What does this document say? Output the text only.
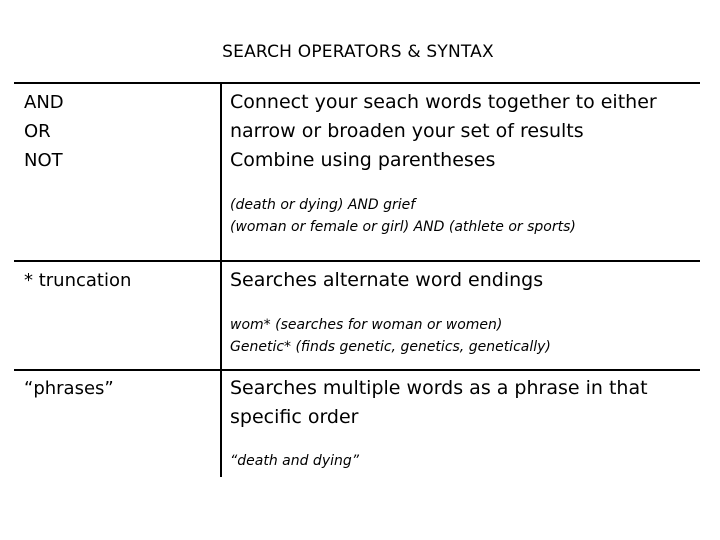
SEARCH OPERATORS & SYNTAX
AND
OR
NOT
Connect your seach words together to either
narrow or broaden your set of results
Combine using parentheses
(death or dying) AND grief
(woman or female or girl) AND (athlete or sports)
* truncation	Searches alternate word endings
wom* (searches for woman or women)
Genetic* (finds genetic, genetics, genetically)
“phrases”	Searches multiple words as a phrase in that
specific order
“death and dying”
